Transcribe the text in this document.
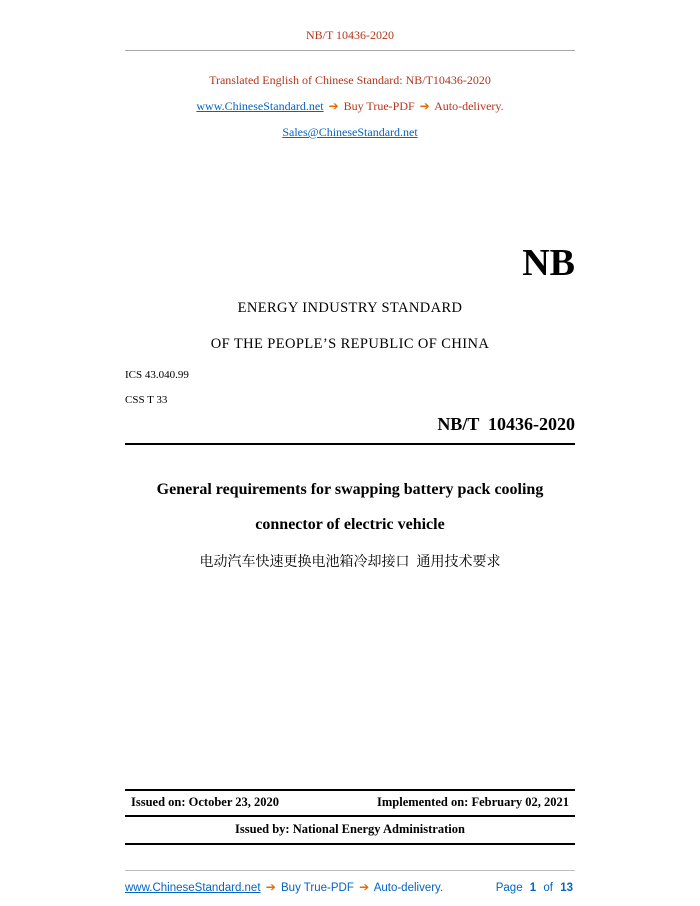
NB/T 10436-2020
Translated English of Chinese Standard: NB/T10436-2020
www.ChineseStandard.net ➔ Buy True-PDF ➔ Auto-delivery.
Sales@ChineseStandard.net
NB
ENERGY INDUSTRY STANDARD
OF THE PEOPLE’S REPUBLIC OF CHINA
ICS 43.040.99
CSS T 33
NB/T  10436-2020
General requirements for swapping battery pack cooling
connector of electric vehicle
电动汽车快速更换电池箱冷却接口  通用技术要求
Issued on: October 23, 2020	Implemented on: February 02, 2021
Issued by: National Energy Administration
www.ChineseStandard.net ➔ Buy True-PDF ➔ Auto-delivery.	Page 1 of 13
